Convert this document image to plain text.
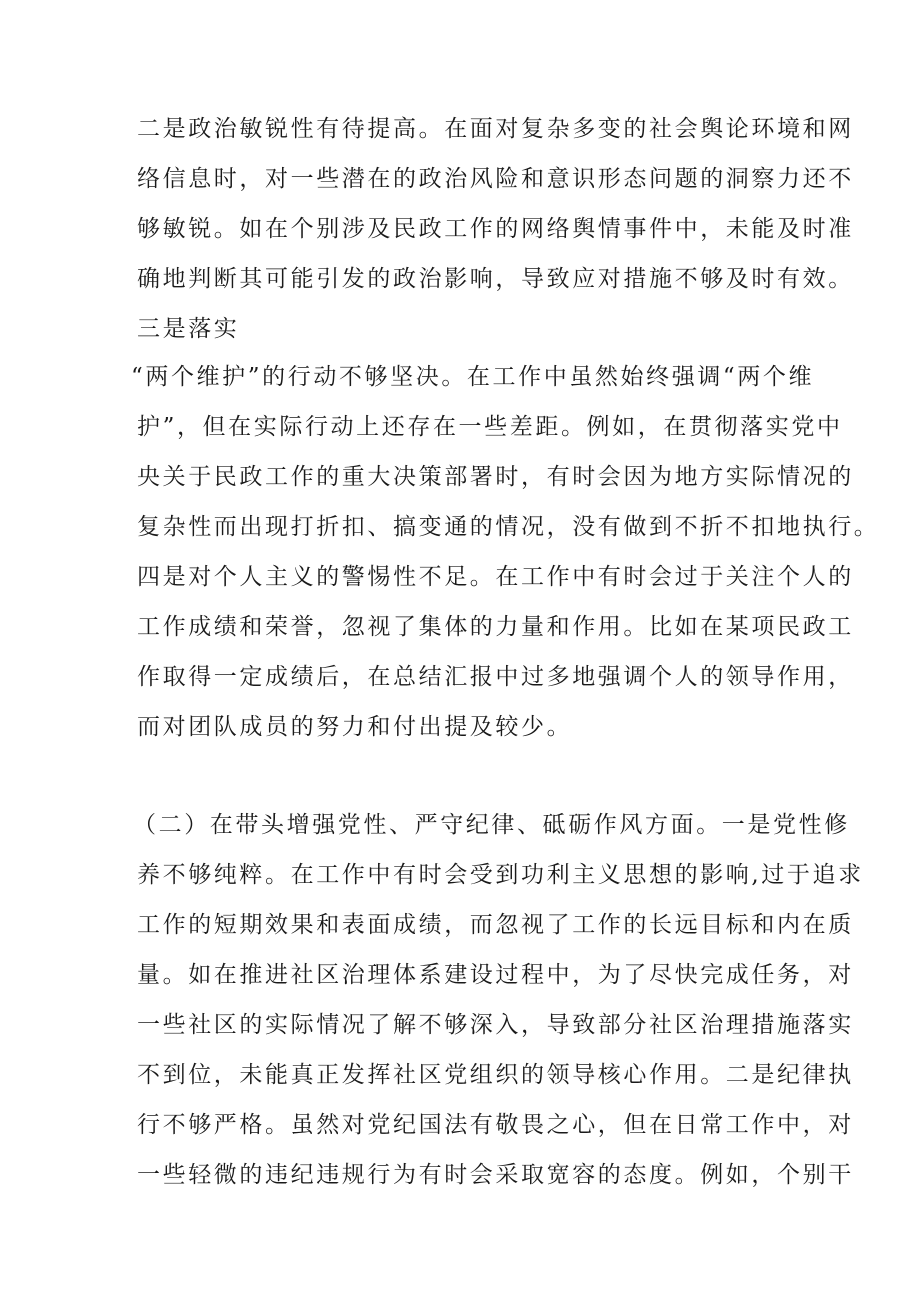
二是政治敏锐性有待提高。在面对复杂多变的社会舆论环境和网

络信息时，对一些潜在的政治风险和意识形态问题的洞察力还不

够敏锐。如在个别涉及民政工作的网络舆情事件中，未能及时准

确地判断其可能引发的政治影响，导致应对措施不够及时有效。

三是落实

“两个维护”的行动不够坚决。在工作中虽然始终强调“两个维

护”，但在实际行动上还存在一些差距。例如，在贯彻落实党中

央关于民政工作的重大决策部署时，有时会因为地方实际情况的

复杂性而出现打折扣、搞变通的情况，没有做到不折不扣地执行。

四是对个人主义的警惕性不足。在工作中有时会过于关注个人的

工作成绩和荣誉，忽视了集体的力量和作用。比如在某项民政工

作取得一定成绩后，在总结汇报中过多地强调个人的领导作用，

而对团队成员的努力和付出提及较少。

（二）在带头增强党性、严守纪律、砥砺作风方面。一是党性修

养不够纯粹。在工作中有时会受到功利主义思想的影响,过于追求

工作的短期效果和表面成绩，而忽视了工作的长远目标和内在质

量。如在推进社区治理体系建设过程中，为了尽快完成任务，对

一些社区的实际情况了解不够深入，导致部分社区治理措施落实

不到位，未能真正发挥社区党组织的领导核心作用。二是纪律执

行不够严格。虽然对党纪国法有敬畏之心，但在日常工作中，对

一些轻微的违纪违规行为有时会采取宽容的态度。例如，个别干
